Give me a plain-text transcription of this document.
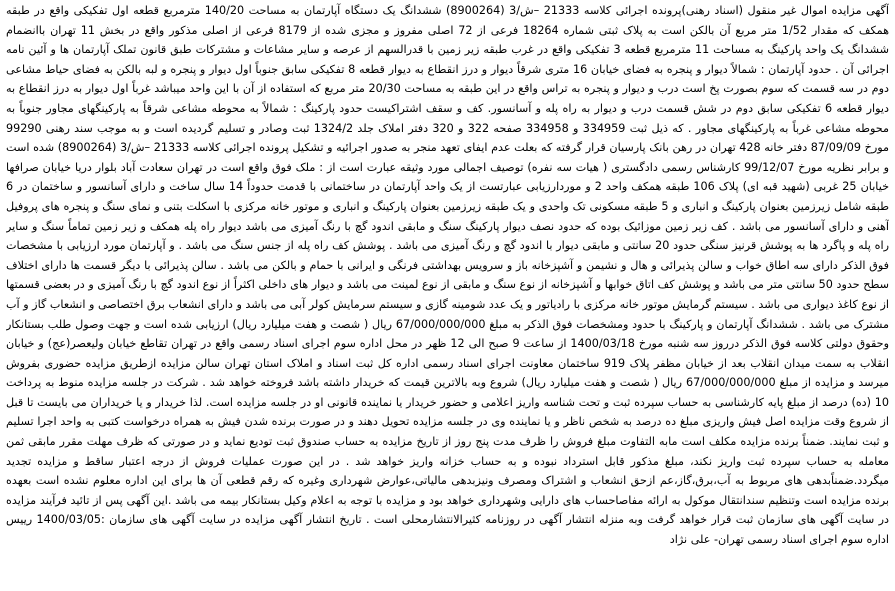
آگهی مزایده اموال غیر منقول (اسناد رهنی)پرونده اجرائی کلاسه 21333 –ش/3 (8900264) ششدانگ یک دستگاه آپارتمان به مساحت 140/20 مترمربع قطعه اول تفکیکی واقع در طبقه همکف که مقدار 1/52 متر مربع آن بالکن است به پلاک ثبتی شماره 18264 فرعی از 72 اصلی مفروز و مجزی شده از 8179 فرعی از اصلی مذکور واقع در بخش 11 تهران باانضمام ششدانگ یک واحد پارکینگ به مساحت 11 مترمربع قطعه 3 تفکیکی واقع در غرب طبقه زیر زمین با قدرالسهم از عرصه و سایر مشاعات و مشترکات طبق قانون تملک آپارتمان ها و آئین نامه اجرائی آن . حدود آپارتمان : شمالاً دیوار و پنجره به فضای خیابان 16 متری شرقاً دیوار و درز انقطاع به دیوار قطعه 8 تفکیکی سابق جنوباً اول دیوار و پنجره و لبه بالکن به فضای حیاط مشاعی دوم در سه قسمت که سوم بصورت پخ است درب و دیوار و پنجره به تراس واقع در این طبقه به مساحت 20/30 متر مربع که استفاده از آن با این واحد میباشد غرباً اول دیوار به درز انقطاع به دیوار قطعه 6 تفکیکی سابق دوم در شش قسمت درب و دیوار به راه پله و آسانسور. کف و سقف اشتراکیست حدود پارکینگ : شمالاً به محوطه مشاعی شرقاً به پارکینگهای مجاور جنوباً به محوطه مشاعی غرباً به پارکینگهای مجاور . که ذیل ثبت 334959 و 334958 صفحه 322 و 320 دفتر املاک جلد 1324/2 ثبت وصادر و تسلیم گردیده است و به موجب سند رهنی 99290 مورخ 87/09/09 دفتر خانه 428 تهران در رهن بانک پارسیان قرار گرفته که بعلت عدم ایفای تعهد منجر به صدور اجرائیه و تشکیل پرونده اجرائی کلاسه 21333 –ش/3 (8900264) شده است و برابر نظریه مورخ 99/12/07 کارشناس رسمی دادگستری ( هیات سه نفره) توصیف اجمالی مورد وثیقه عبارت است از : ملک فوق واقع است در تهران سعادت آباد بلوار دریا خیابان صرافها خیابان 25 غربی (شهید قبه ای) پلاک 106 طبقه همکف واحد 2 و موردارزیابی عبارتست از یک واحد آپارتمان در ساختمانی با قدمت حدوداً 14 سال ساخت و دارای آسانسور و ساختمان در 6 طبقه شامل زیرزمین بعنوان پارکینگ و انباری و 5 طبقه مسکونی تک واحدی و یک طبقه زیرزمین بعنوان پارکینگ و انباری و موتور خانه مرکزی با اسکلت بتنی و نمای سنگ و پنجره های پروفیل آهنی و دارای آسانسور می باشد . کف زیر زمین موزائیک بوده که حدود نصف دیوار پارکینگ سنگ و مابقی اندود گچ با رنگ آمیزی می باشد دیوار راه پله همکف و زیر زمین تماماً سنگ و سایر راه پله و پاگرد ها به پوشش قرنیز سنگی حدود 20 سانتی و مابقی دیوار با اندود گچ و رنگ آمیزی می باشد . پوشش کف راه پله از جنس سنگ می باشد . و آپارتمان مورد ارزیابی با مشخصات فوق الذکر دارای سه اطاق خواب و سالن پذیرائی و هال و نشیمن و آشپزخانه باز و سرویس بهداشتی فرنگی و ایرانی با حمام و بالکن می باشد . سالن پذیرائی با دیگر قسمت ها دارای اختلاف سطح حدود 50 سانتی متر می باشد و پوشش کف اتاق خوابها و آشپزخانه از نوع سنگ و مابقی از نوع لمینت می باشد و دیوار های داخلی اکثراً از نوع اندود گچ با رنگ آمیزی و در بعضی قسمتها از نوع کاغذ دیواری می باشد . سیستم گرمایش موتور خانه مرکزی با رادیاتور و یک عدد شومینه گازی و سیستم سرمایش کولر آبی می باشد و دارای انشعاب برق اختصاصی و انشعاب گاز و آب مشترک می باشد . ششدانگ آپارتمان و پارکینگ با حدود ومشخصات فوق الذکر به مبلغ 67/000/000/000 ریال ( شصت و هفت میلیارد ریال) ارزیابی شده است و جهت وصول طلب بستانکار وحقوق دولتی کلاسه فوق الذکر درروز سه شنبه مورخ 1400/03/18 از ساعت 9 صبح الی 12 ظهر در محل اداره سوم اجرای اسناد رسمی واقع در تهران تقاطع خیابان ولیعصر(عج) و خیابان انقلاب به سمت میدان انقلاب بعد از خیابان مظفر پلاک 919 ساختمان معاونت اجرای اسناد رسمی اداره کل ثبت اسناد و املاک استان تهران سالن مزایده ازطریق مزایده حضوری بفروش میرسد و مزایده از مبلغ 67/000/000/000 ریال ( شصت و هفت میلیارد ریال) شروع وبه بالاترین قیمت که خریدار داشته باشد فروخته خواهد شد . شرکت در جلسه مزایده منوط به پرداخت 10 (ده) درصد از مبلغ پایه کارشناسی به حساب سپرده ثبت و تحت شناسه واریز اعلامی و حضور خریدار یا نماینده قانونی او در جلسه مزایده است. لذا خریدار و یا خریداران می بایست تا قبل از شروع وقت مزایده اصل فیش واریزی مبلغ ده درصد به شخص ناظر و یا نماینده وی در جلسه مزایده تحویل دهند و در صورت برنده شدن فیش به همراه درخواست کتبی به واحد اجرا تسلیم و ثبت نمایند. ضمناً برنده مزایده مکلف است مابه التفاوت مبلغ فروش را ظرف مدت پنج روز از تاریخ مزایده به حساب صندوق ثبت تودیع نماید و در صورتی که ظرف مهلت مقرر مابقی ثمن معامله به حساب سپرده ثبت واریز نکند، مبلغ مذکور قابل استرداد نبوده و به حساب خزانه واریز خواهد شد . در این صورت عملیات فروش از درجه اعتبار ساقط و مزایده تجدید میگردد.ضمناًبدهی های مربوط به آب،برق،گاز،عم ازحق انشعاب و اشتراک ومصرف ونیزبدهی مالیاتی،عوارض شهرداری وغیره که رقم قطعی آن ها برای این اداره معلوم نشده است بعهده برنده مزایده است وتنظیم سندانتقال موکول به ارائه مفاصاحساب های دارایی وشهرداری خواهد بود و مزایده با توجه به اعلام وکیل بستانکار بیمه می باشد .این آگهی پس از تائید فرآیند مزایده در سایت آگهی های سازمان ثبت قرار خواهد گرفت وبه منزله انتشار آگهی در روزنامه کثیرالانتشارمحلی است . تاریخ انتشار آگهی مزایده در سایت آگهی های سازمان :1400/03/05 رییس اداره سوم اجرای اسناد رسمی تهران- علی نژاد
